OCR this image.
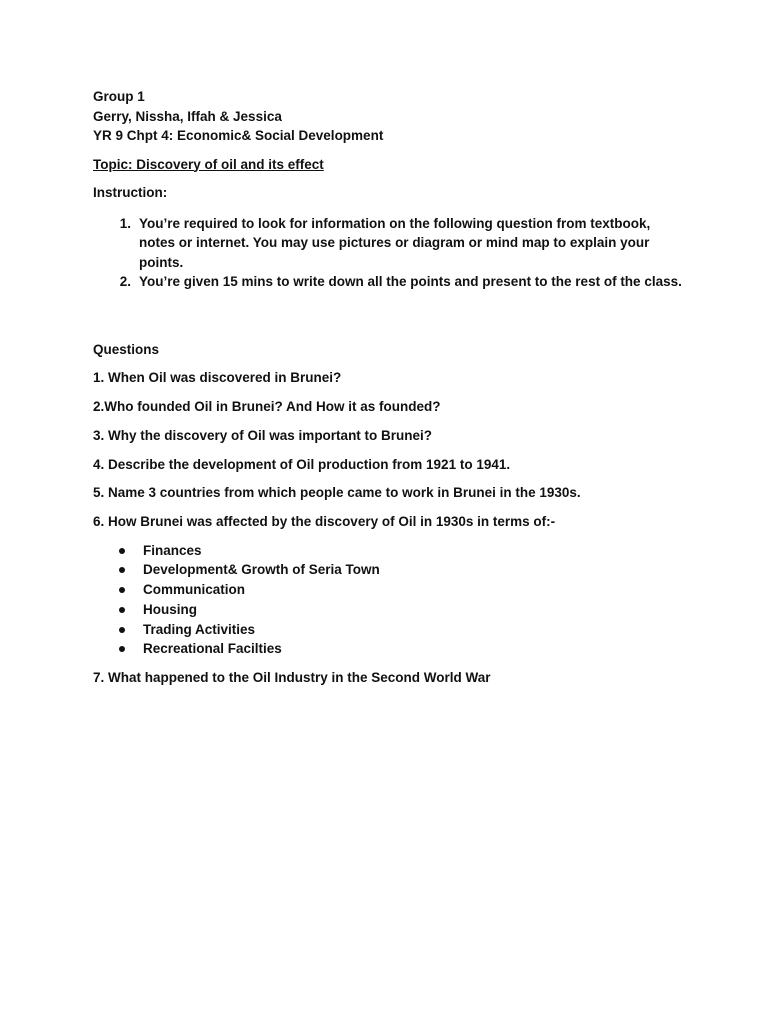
Group 1
Gerry, Nissha, Iffah & Jessica
YR 9 Chpt 4: Economic& Social Development
Topic: Discovery of oil and its effect
Instruction:
1. You’re required to look for information on the following question from textbook, notes or internet. You may use pictures or diagram or mind map to explain your points.
2. You’re given 15 mins to write down all the points and present to the rest of the class.
Questions
1. When Oil was discovered in Brunei?
2.Who founded Oil in Brunei? And How it as founded?
3. Why the discovery of Oil was important to Brunei?
4. Describe the development of Oil production from 1921 to 1941.
5. Name 3 countries from which people came to work in Brunei in the 1930s.
6. How Brunei was affected by the discovery of Oil in 1930s in terms of:-
Finances
Development& Growth of Seria Town
Communication
Housing
Trading Activities
Recreational Facilties
7. What happened to the Oil Industry in the Second World War
